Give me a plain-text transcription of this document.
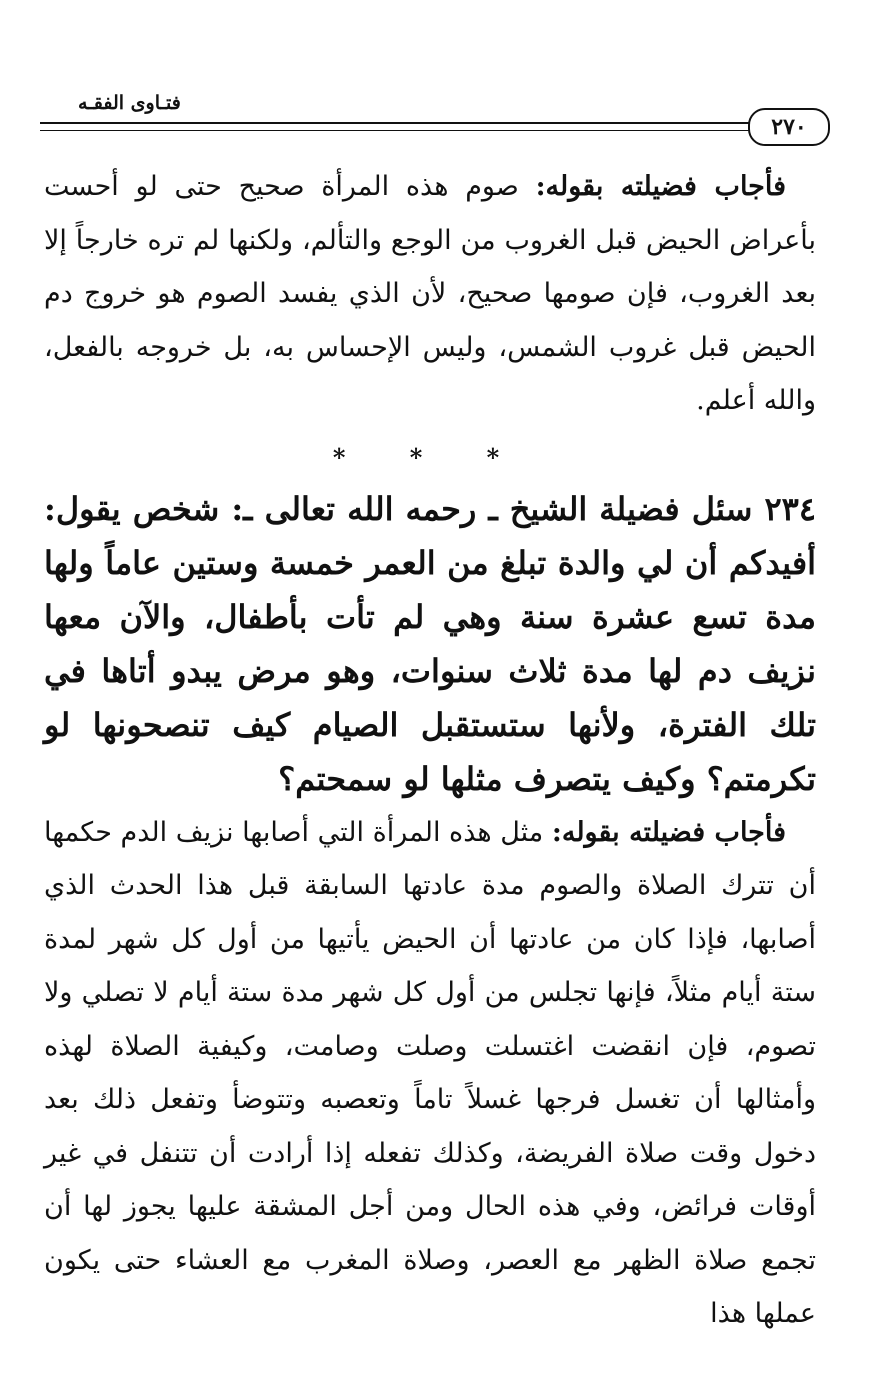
فتـاوى الفقـه
٢٧٠

فأجاب فضيلته بقوله: صوم هذه المرأة صحيح حتى لو أحست بأعراض الحيض قبل الغروب من الوجع والتألم، ولكنها لم تره خارجاً إلا بعد الغروب، فإن صومها صحيح، لأن الذي يفسد الصوم هو خروج دم الحيض قبل غروب الشمس، وليس الإحساس به، بل خروجه بالفعل، والله أعلم.

* * *

٢٣٤ سئل فضيلة الشيخ ـ رحمه الله تعالى ـ: شخص يقول: أفيدكم أن لي والدة تبلغ من العمر خمسة وستين عاماً ولها مدة تسع عشرة سنة وهي لم تأت بأطفال، والآن معها نزيف دم لها مدة ثلاث سنوات، وهو مرض يبدو أتاها في تلك الفترة، ولأنها ستستقبل الصيام كيف تنصحونها لو تكرمتم؟ وكيف يتصرف مثلها لو سمحتم؟

فأجاب فضيلته بقوله: مثل هذه المرأة التي أصابها نزيف الدم حكمها أن تترك الصلاة والصوم مدة عادتها السابقة قبل هذا الحدث الذي أصابها، فإذا كان من عادتها أن الحيض يأتيها من أول كل شهر لمدة ستة أيام مثلاً، فإنها تجلس من أول كل شهر مدة ستة أيام لا تصلي ولا تصوم، فإن انقضت اغتسلت وصلت وصامت، وكيفية الصلاة لهذه وأمثالها أن تغسل فرجها غسلاً تاماً وتعصبه وتتوضأ وتفعل ذلك بعد دخول وقت صلاة الفريضة، وكذلك تفعله إذا أرادت أن تتنفل في غير أوقات فرائض، وفي هذه الحال ومن أجل المشقة عليها يجوز لها أن تجمع صلاة الظهر مع العصر، وصلاة المغرب مع العشاء حتى يكون عملها هذا
